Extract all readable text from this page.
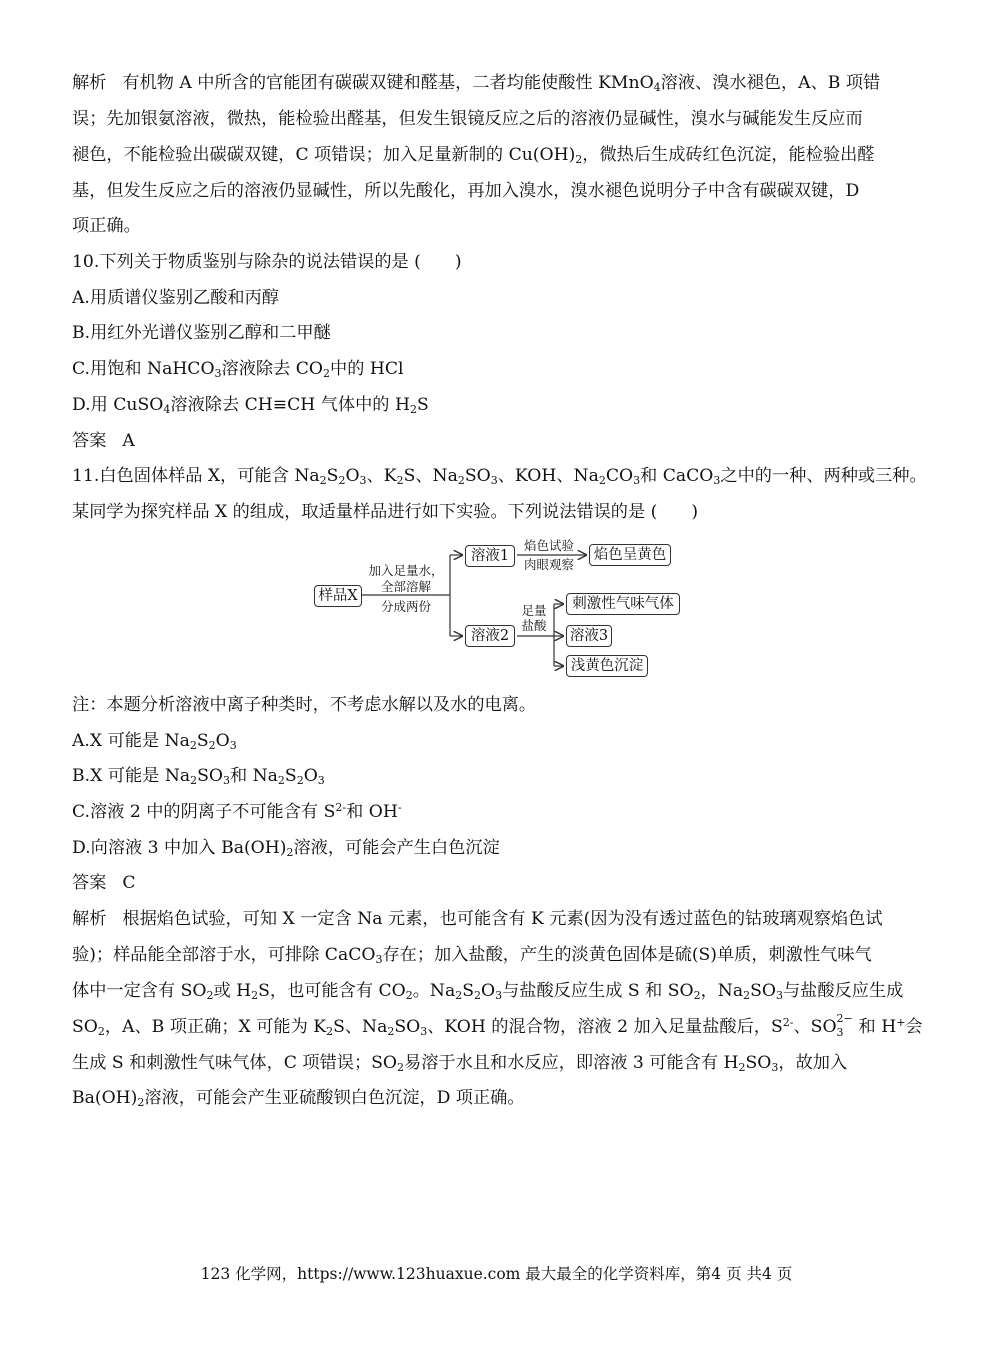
解析 有机物 A 中所含的官能团有碳碳双键和醛基，二者均能使酸性 KMnO$_4$溶液、溴水褪色，A、B 项错
误；先加银氨溶液，微热，能检验出醛基，但发生银镜反应之后的溶液仍显碱性，溴水与碱能发生反应而
褪色，不能检验出碳碳双键，C 项错误；加入足量新制的 $Cu(OH)_2$，微热后生成砖红色沉淀，能检验出醛
基，但发生反应之后的溶液仍显碱性，所以先酸化，再加入溴水，溴水褪色说明分子中含有碳碳双键，D
项正确。
10.下列关于物质鉴别与除杂的说法错误的是 ( )
A.用质谱仪鉴别乙酸和丙醇
B.用红外光谱仪鉴别乙醇和二甲醚
C.用饱和 NaHCO$_3$溶液除去 $CO_2$中的 HCl
D.用 CuSO$_4$溶液除去 CH≡CH 气体中的 $H_2S$
答案 A
11.白色固体样品 X，可能含 $Na_2S_2O_3$、$K_2S$、$Na_2SO_3$、KOH、$Na_2CO_3$和 CaCO$_3$之中的一种、两种或三种。
某同学为探究样品 X 的组成，取适量样品进行如下实验。下列说法错误的是 ( )
样品X
加入足量水，
全部溶解
分成两份
溶液1
焰色试验
肉眼观察
焰色呈黄色
溶液2
足量
盐酸
刺激性气味气体
溶液3
浅黄色沉淀
注：本题分析溶液中离子种类时，不考虑水解以及水的电离。
A.X 可能是 $Na_2S_2O_3$
B.X 可能是 $Na_2SO_3$和 $Na_2S_2O_3$
C.溶液 2 中的阴离子不可能含有 $S^{2-}$和 OH-
D.向溶液 3 中加入 $Ba(OH)_2$溶液，可能会产生白色沉淀
答案 C
解析 根据焰色试验，可知 X 一定含 Na 元素，也可能含有 K 元素(因为没有透过蓝色的钴玻璃观察焰色试
验)；样品能全部溶于水，可排除 CaCO$_3$存在；加入盐酸，产生的淡黄色固体是硫(S)单质，刺激性气味气
体中一定含有 $SO_2$或 $H_2S$，也可能含有 $CO_2$。$Na_2S_2O_3$与盐酸反应生成 S 和 $SO_2$，$Na_2SO_3$与盐酸反应生成
$SO_2$，A、B 项正确；X 可能为 $K_2S$、$Na_2SO_3$、KOH 的混合物，溶液 2 加入足量盐酸后，$S^{2-}$、SO 2−
3 和 H+会
生成 S 和刺激性气味气体，C 项错误；$SO_2$易溶于水且和水反应，即溶液 3 可能含有 $H_2SO_3$，故加入
$Ba(OH)_2$溶液，可能会产生亚硫酸钡白色沉淀，D 项正确。
123 化学网，https://www.123huaxue.com 最大最全的化学资料库，第4 页 共4 页
